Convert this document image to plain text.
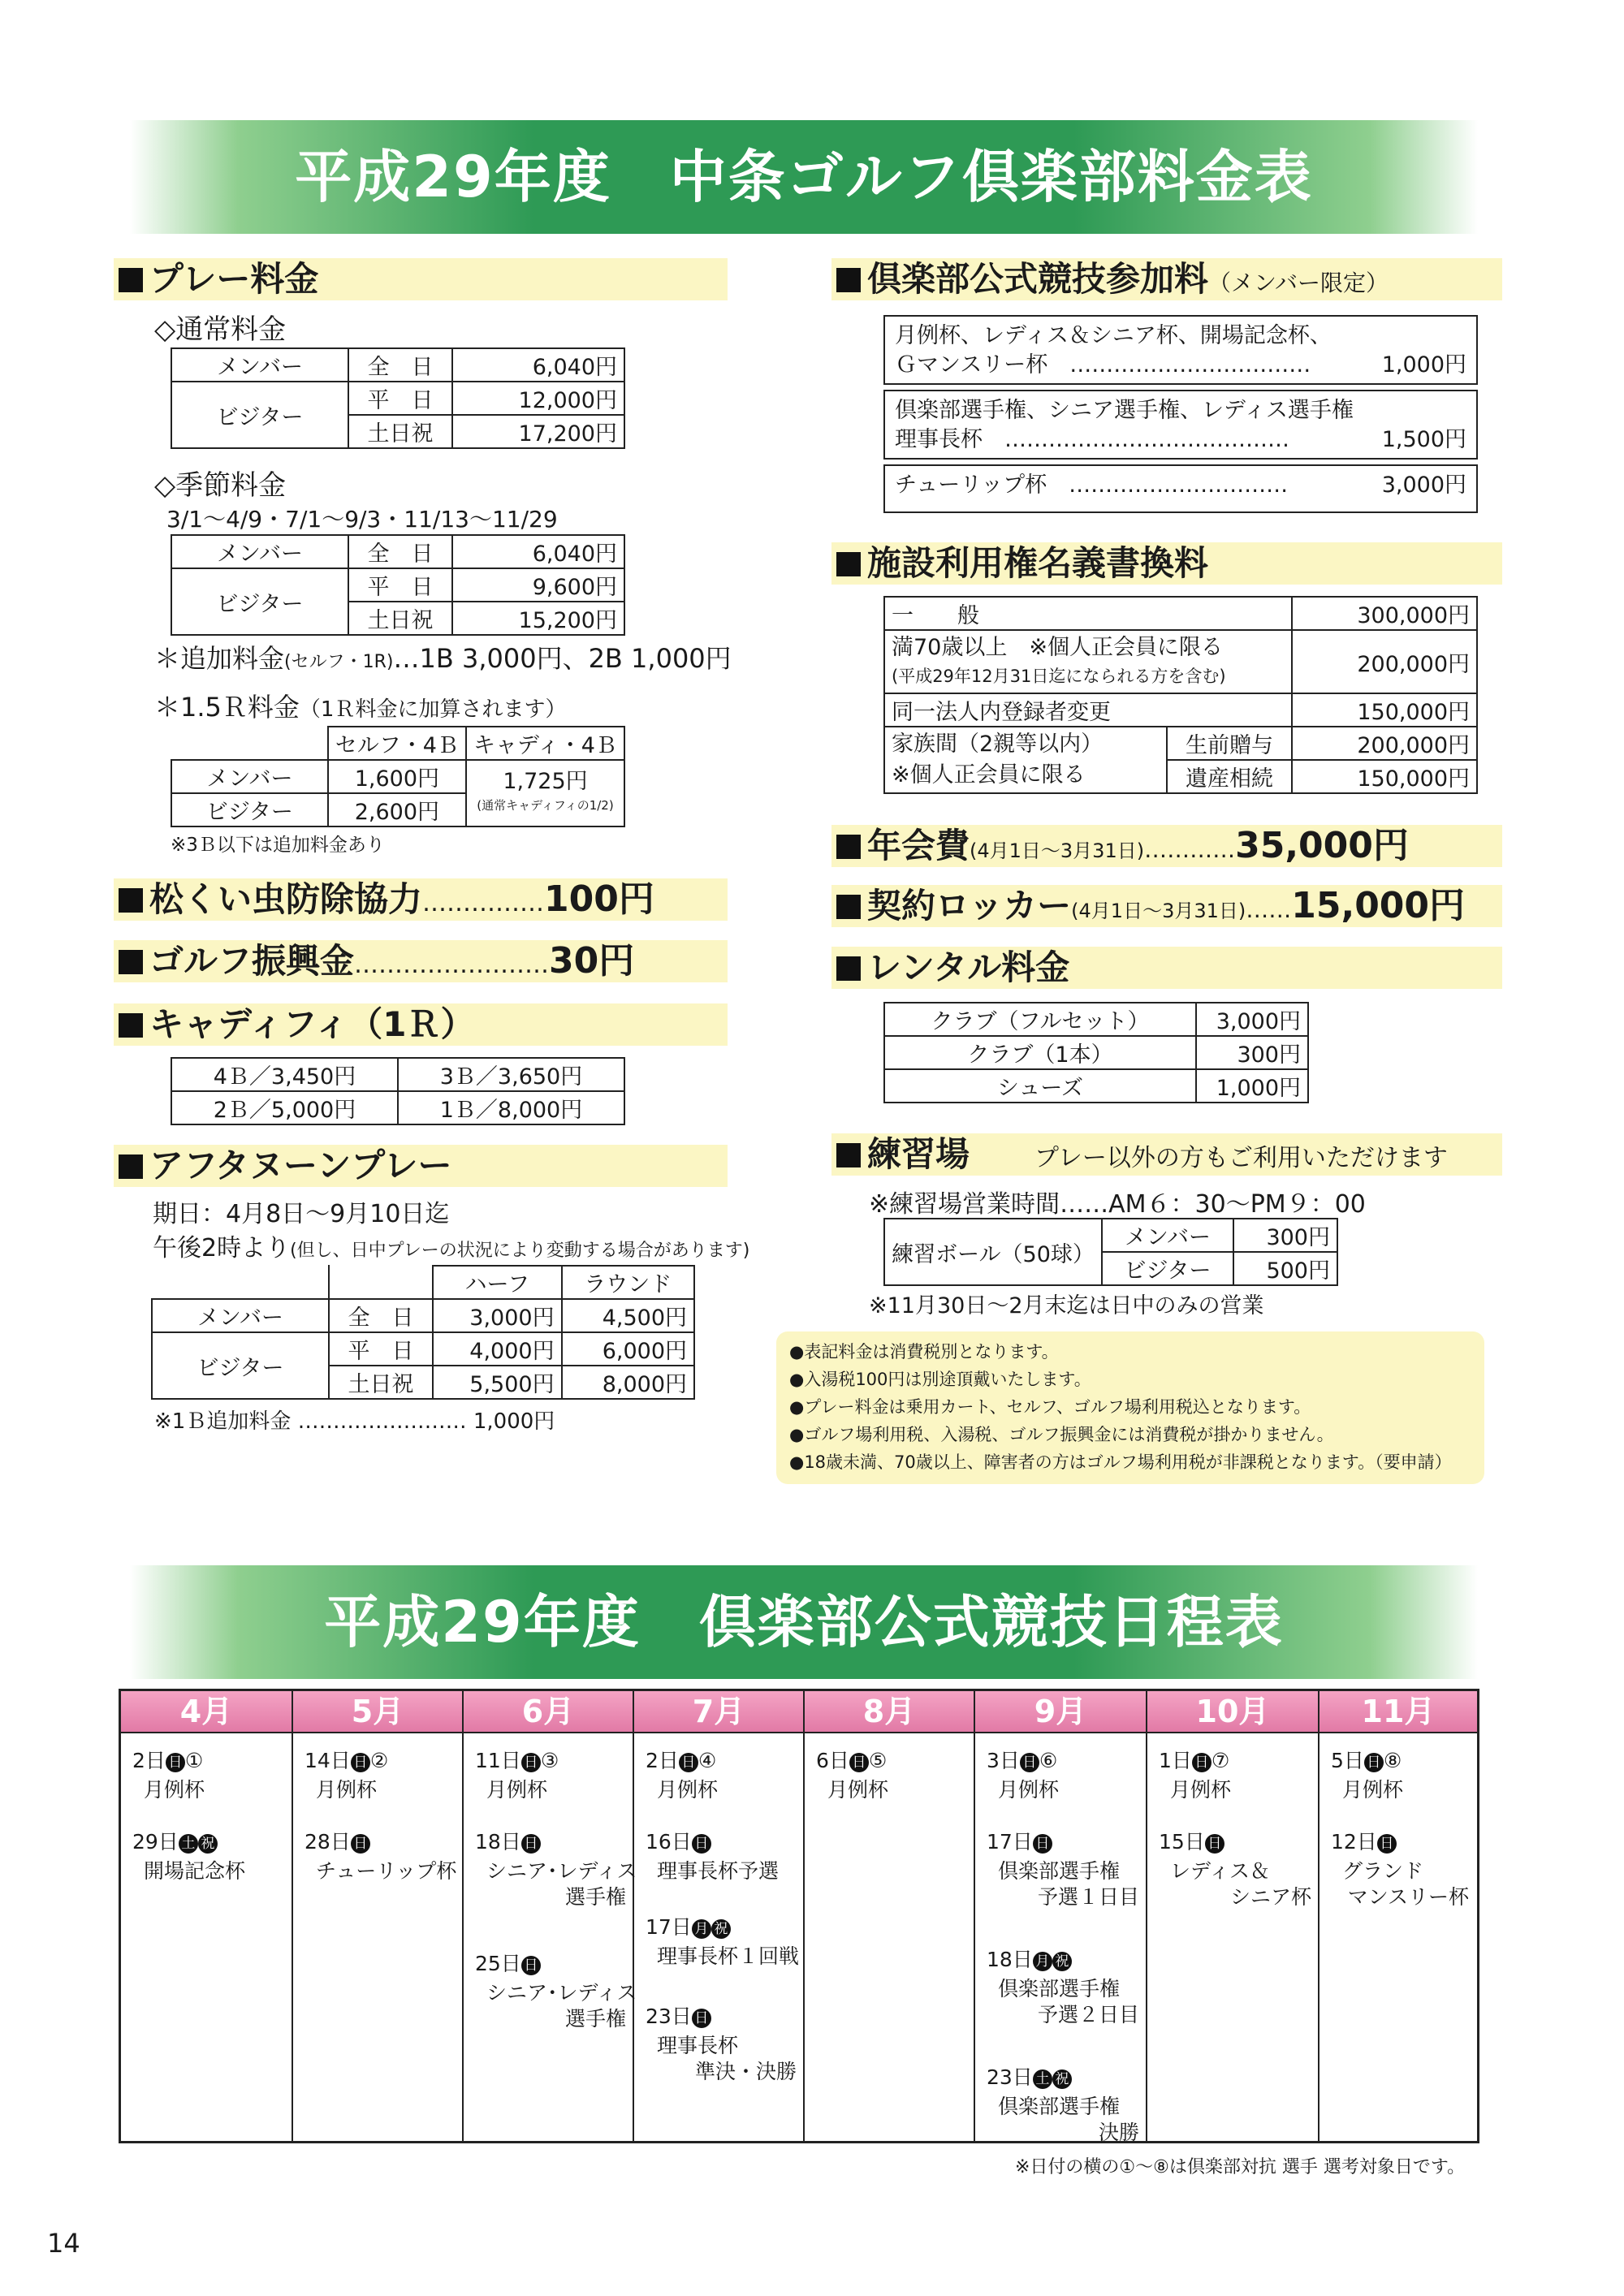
平成29年度　中条ゴルフ倶楽部料金表
プレー料金
◇通常料金
メンバー	全　日	6,040円
ビジター	平　日	12,000円
	土日祝	17,200円
◇季節料金
3/1～4/9・7/1～9/3・11/13～11/29
メンバー	全　日	6,040円
ビジター	平　日	9,600円
	土日祝	15,200円
＊追加料金(セルフ・1R)…1B 3,000円、2B 1,000円
＊1.5Ｒ料金（1Ｒ料金に加算されます）
	セルフ・4Ｂ	キャディ・4Ｂ
メンバー	1,600円	1,725円
(通常キャディフィの1/2)
ビジター	2,600円	
※3Ｂ以下は追加料金あり
松くい虫防除協力……………100円
ゴルフ振興金……………………30円
キャディフィ（1Ｒ）
4Ｂ／3,450円	3Ｂ／3,650円
2Ｂ／5,000円	1Ｂ／8,000円
アフタヌーンプレー
期日：4月8日～9月10日迄
午後2時より(但し、日中プレーの状況により変動する場合があります)
		ハーフ	ラウンド
メンバー	全　日	3,000円	4,500円
ビジター	平　日	4,000円	6,000円
	土日祝	5,500円	8,000円
※1Ｂ追加料金 …………………… 1,000円
倶楽部公式競技参加料（メンバー限定）
月例杯、レディス＆シニア杯、開場記念杯、
Ｇマンスリー杯　……………………………	1,000円
倶楽部選手権、シニア選手権、レディス選手権
理事長杯　…………………………………	1,500円
チューリップ杯　…………………………	3,000円
施設利用権名義書換料
一　　般		300,000円
満70歳以上　※個人正会員に限る
(平成29年12月31日迄になられる方を含む)		200,000円
同一法人内登録者変更		150,000円
家族間（2親等以内）
※個人正会員に限る	生前贈与	200,000円
	遺産相続	150,000円
年会費(4月1日～3月31日)…………35,000円
契約ロッカー(4月1日～3月31日)……15,000円
レンタル料金
クラブ（フルセット）	3,000円
クラブ（1本）	300円
シューズ	1,000円
練習場	プレー以外の方もご利用いただけます
※練習場営業時間……AM６：30～PM９：00
練習ボール（50球）	メンバー	300円
	ビジター	500円
※11月30日～2月末迄は日中のみの営業
●表記料金は消費税別となります。
●入湯税100円は別途頂戴いたします。
●プレー料金は乗用カート、セルフ、ゴルフ場利用税込となります。
●ゴルフ場利用税、入湯税、ゴルフ振興金には消費税が掛かりません。
●18歳未満、70歳以上、障害者の方はゴルフ場利用税が非課税となります。（要申請）
平成29年度　倶楽部公式競技日程表
4月
2日 日 ①
月例杯
29日 土 祝
開場記念杯
5月
14日 日 ②
月例杯
28日 日
チューリップ杯
6月
11日 日 ③
月例杯
18日 日
シニア･レディス
選手権
25日 日
シニア･レディス
選手権
7月
2日 日 ④
月例杯
16日 日
理事長杯予選
17日 月 祝
理事長杯１回戦
23日 日
理事長杯
準決・決勝
8月
6日 日 ⑤
月例杯
9月
3日 日 ⑥
月例杯
17日 日
倶楽部選手権
予選１日目
18日 月 祝
倶楽部選手権
予選２日目
23日 土 祝
倶楽部選手権
決勝
10月
1日 日 ⑦
月例杯
15日 日
レディス＆
シニア杯
11月
5日 日 ⑧
月例杯
12日 日
グランド
マンスリー杯
※日付の横の①～⑧は倶楽部対抗 選手 選考対象日です。
14
